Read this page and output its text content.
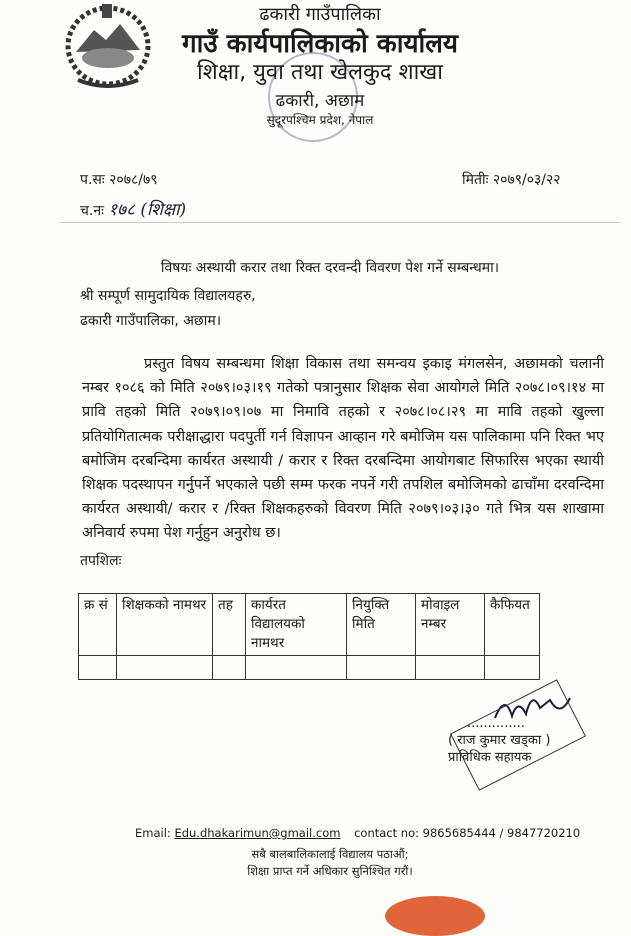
ढकारी गाउँपालिका
गाउँ कार्यपालिकाको कार्यालय
शिक्षा, युवा तथा खेलकुद शाखा
ढकारी, अछाम
सुदूरपश्चिम प्रदेश, नेपाल
प.सः २०७८/७९	मितीः २०७९/०३/२२
च.नः १७८ (शिक्षा)
विषयः अस्थायी करार तथा रिक्त दरवन्दी विवरण पेश गर्ने सम्बन्धमा।
श्री सम्पूर्ण सामुदायिक विद्यालयहरु,
ढकारी गाउँपालिका, अछाम।
प्रस्तुत विषय सम्बन्धमा शिक्षा विकास तथा समन्वय इकाइ मंगलसेन, अछामको चलानी नम्बर १०८६ को मिति २०७९।०३।१९ गतेको पत्रानुसार शिक्षक सेवा आयोगले मिति २०७८।०९।१४ मा प्रावि तहको मिति २०७९।०९।०७ मा निमावि तहको र २०७८।०८।२९ मा मावि तहको खुल्ला प्रतियोगितात्मक परीक्षाद्धारा पदपुर्ती गर्न विज्ञापन आव्हान गरे बमोजिम यस पालिकामा पनि रिक्त भए बमोजिम दरबन्दिमा कार्यरत अस्थायी / करार र रिक्त दरबन्दिमा आयोगबाट सिफारिस भएका स्थायी शिक्षक पदस्थापन गर्नुपर्ने भएकाले पछी सम्म फरक नपर्ने गरी तपशिल बमोजिमको ढाचाँमा दरवन्दिमा कार्यरत अस्थायी/ करार र /रिक्त शिक्षकहरुको विवरण मिति २०७९।०३।३० गते भित्र यस शाखामा अनिवार्य रुपमा पेश गर्नुहुन अनुरोध छ।
तपशिलः
क्र सं	शिक्षकको नामथर	तह	कार्यरत विद्यालयको नामथर	नियुक्ति मिति	मोवाइल नम्बर	कैफियत

..............
( राज कुमार खड्का )
प्राविधिक सहायक
Email: Edu.dhakarimun@gmail.com contact no: 9865685444 / 9847720210
सबै बालबालिकालाई विद्यालय पठाऔं;
शिक्षा प्राप्त गर्ने अधिकार सुनिश्चित गरौं।
